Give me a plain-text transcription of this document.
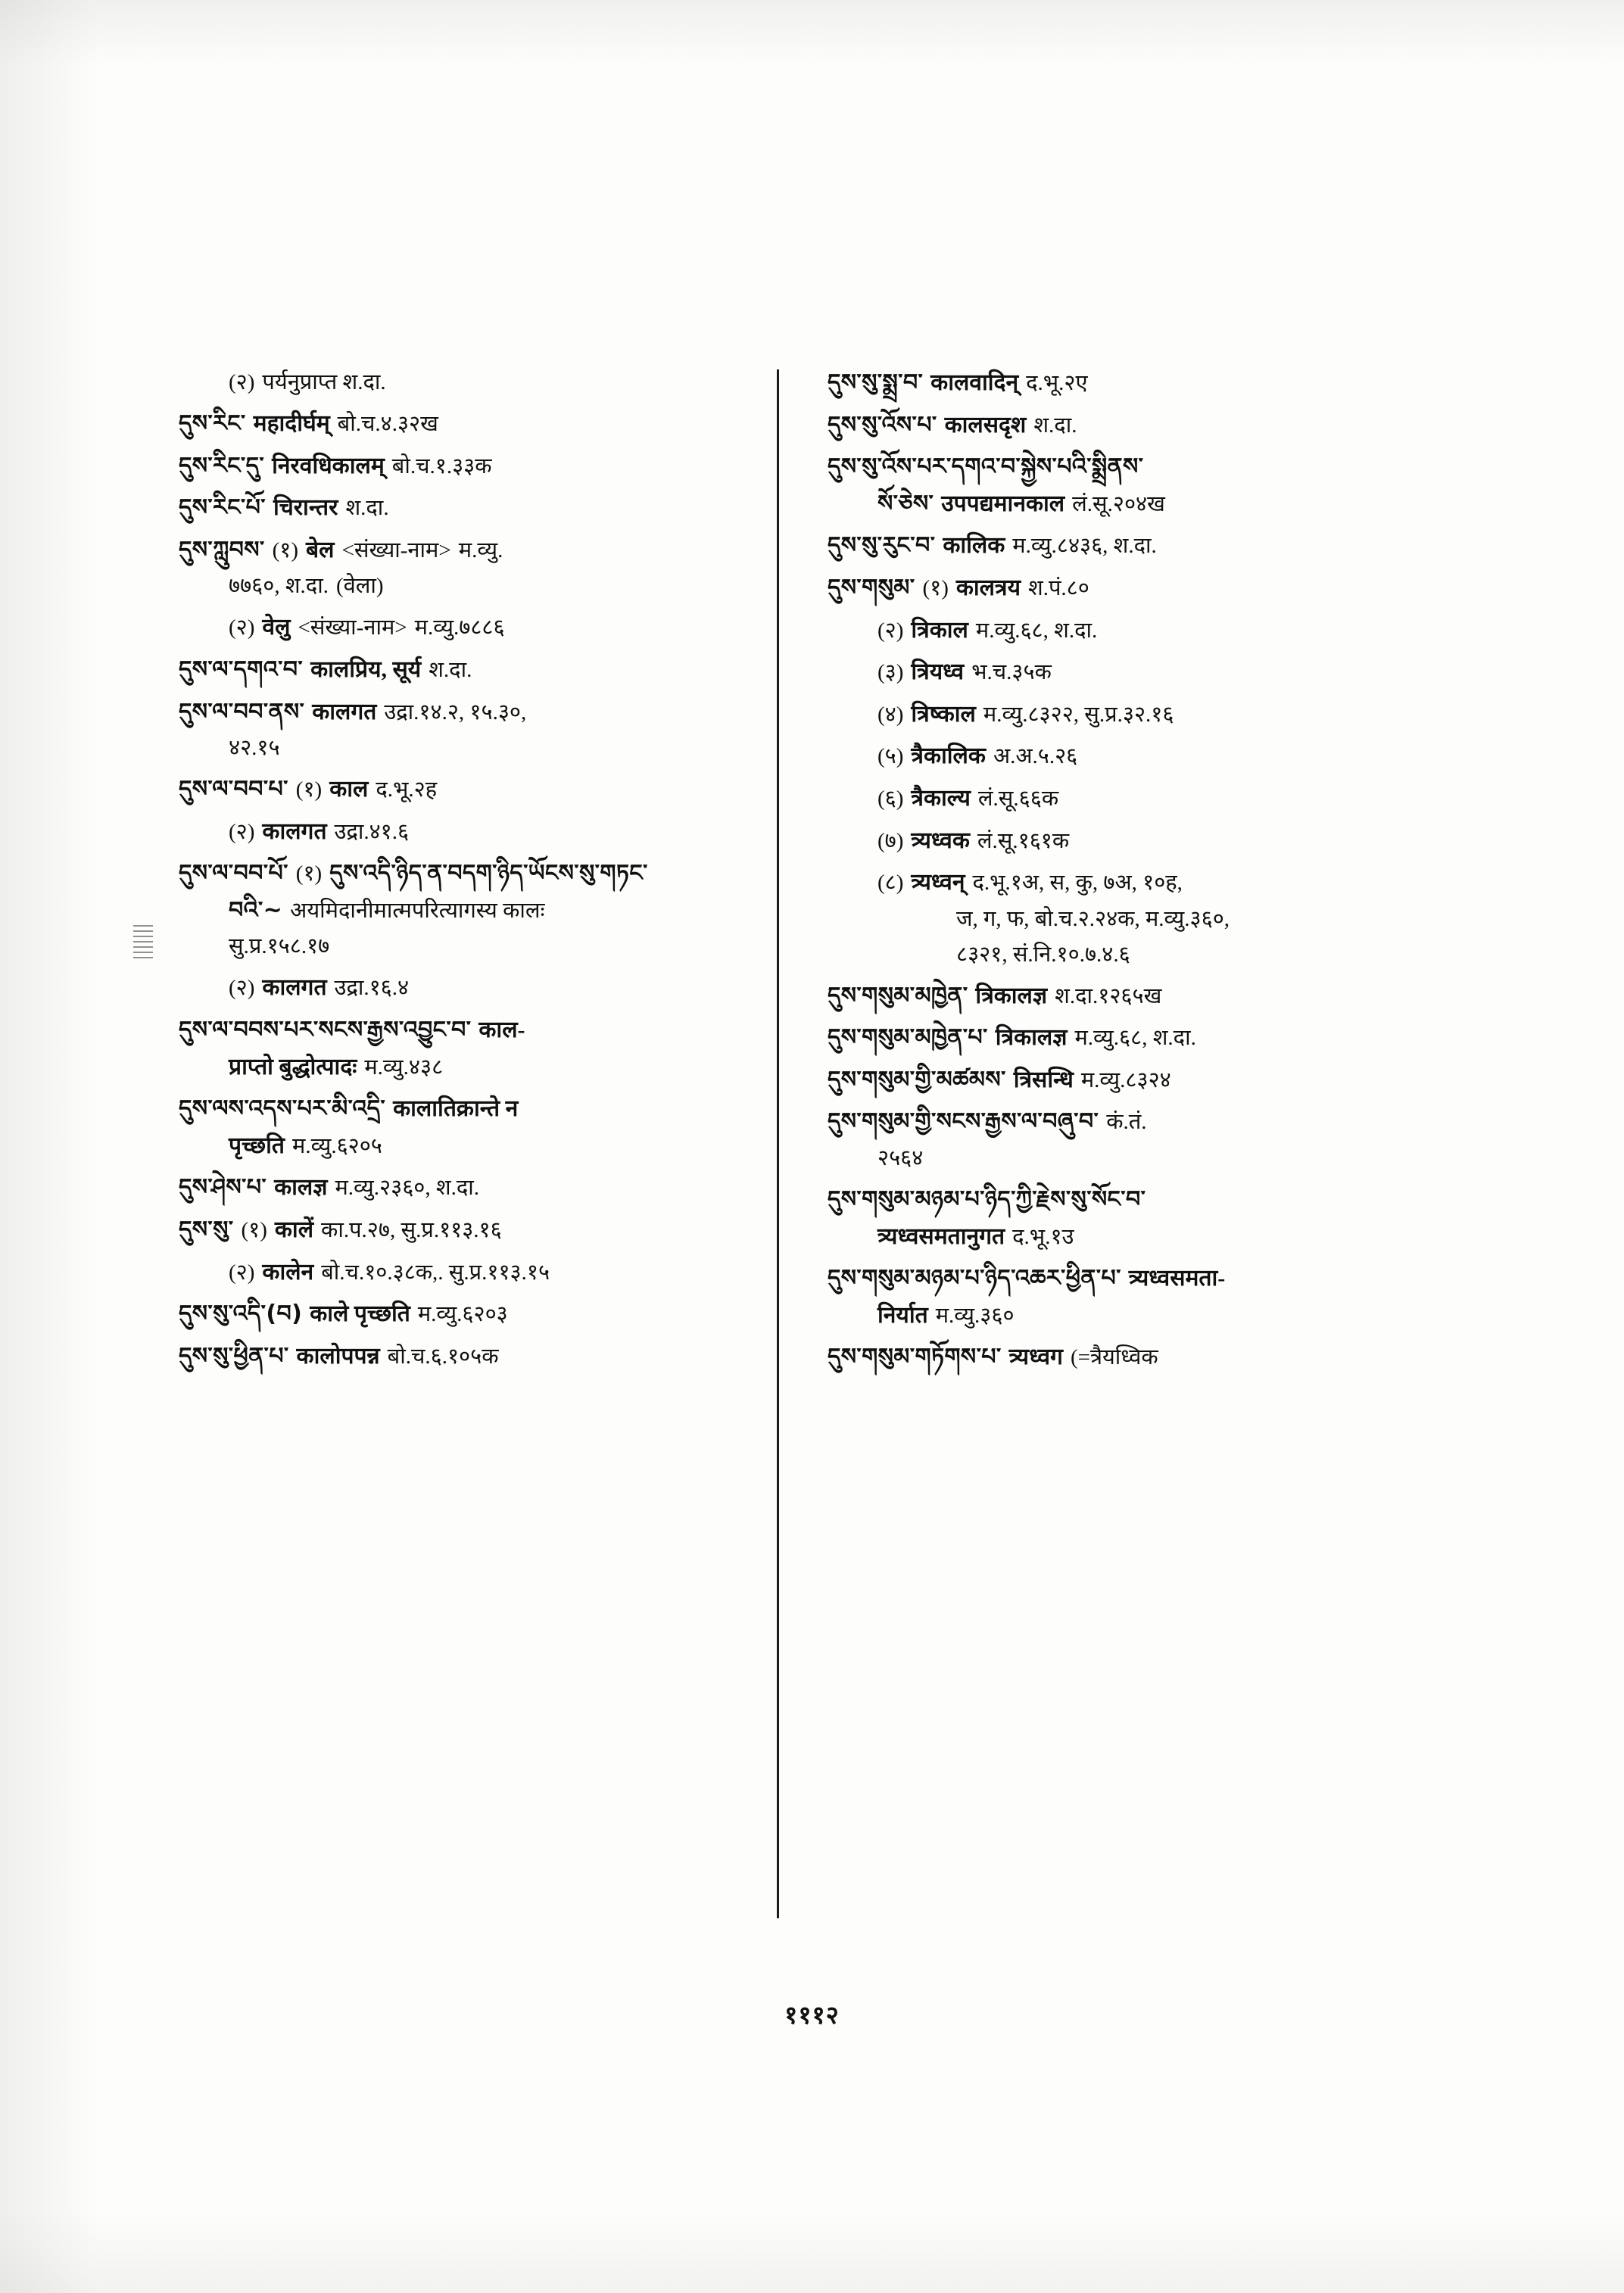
(२) पर्यनुप्राप्त श.दा.
དུས་རིང་ महादीर्घम् बो.च.४.३२ख
དུས་རིང་དུ་ निरवधिकालम् बो.च.१.३३क
དུས་རིང་པོ་ चिरान्तर श.दा.
དུས་ཀླུབས་ (१) बेल <संख्या-नाम> म.व्यु.
७७६०, श.दा. (वेला)
(२) वेलु <संख्या-नाम> म.व्यु.७८८६
དུས་ལ་དགའ་བ་ कालप्रिय, सूर्य श.दा.
དུས་ལ་བབ་ནས་ कालगत उद्रा.१४.२, १५.३०,
४२.१५
དུས་ལ་བབ་པ་ (१) काल द.भू.२ह
(२) कालगत उद्रा.४१.६
དུས་ལ་བབ་པོ་ (१) དུས་འདི་ཉིད་ན་བདག་ཉིད་ཡོངས་སུ་གཏང་
བའི་~ अयमिदानीमात्मपरित्यागस्य कालः
सु.प्र.१५८.१७
(२) कालगत उद्रा.१६.४
དུས་ལ་བབས་པར་སངས་རྒྱས་འབྱུང་བ་ काल-
प्राप्तो बुद्धोत्पादः म.व्यु.४३८
དུས་ལས་འདས་པར་མི་འདྲི་ कालातिक्रान्ते न
पृच्छति म.व्यु.६२०५
དུས་ཤེས་པ་ कालज्ञ म.व्यु.२३६०, श.दा.
དུས་སུ་ (१) कालें का.प.२७, सु.प्र.११३.१६
(२) कालेन बो.च.१०.३८क,. सु.प्र.११३.१५
དུས་སུ་འདི་(བ) काले पृच्छति म.व्यु.६२०३
དུས་སུ་ཕྱིན་པ་ कालोपपन्न बो.च.६.१०५क
དུས་སུ་སྨྲ་བ་ कालवादिन् द.भू.२ए
དུས་སུ་འོས་པ་ कालसदृश श.दा.
དུས་སུ་འོས་པར་དགའ་བ་སྐྱེས་པའི་སྨྲིནས་
སོ་ཅེས་ उपपद्यमानकाल लं.सू.२०४ख
དུས་སུ་རུང་བ་ कालिक म.व्यु.८४३६, श.दा.
དུས་གསུམ་ (१) कालत्रय श.पं.८०
(२) त्रिकाल म.व्यु.६८, श.दा.
(३) त्रियध्व भ.च.३५क
(४) त्रिष्काल म.व्यु.८३२२, सु.प्र.३२.१६
(५) त्रैकालिक अ.अ.५.२६
(६) त्रैकाल्य लं.सू.६६क
(७) त्र्यध्वक लं.सू.१६१क
(८) त्र्यध्वन् द.भू.१अ, स, कु, ७अ, १०ह,
ज, ग, फ, बो.च.२.२४क, म.व्यु.३६०,
८३२१, सं.नि.१०.७.४.६
དུས་གསུམ་མཁྱེན་ त्रिकालज्ञ श.दा.१२६५ख
དུས་གསུམ་མཁྱེན་པ་ त्रिकालज्ञ म.व्यु.६८, श.दा.
དུས་གསུམ་གྱི་མཚམས་ त्रिसन्धि म.व्यु.८३२४
དུས་གསུམ་གྱི་སངས་རྒྱས་ལ་བཞུ་བ་ कं.तं.
२५६४
དུས་གསུམ་མཉམ་པ་ཉིད་ཀྱི་རྗེས་སུ་སོང་བ་
त्र्यध्वसमतानुगत द.भू.१उ
དུས་གསུམ་མཉམ་པ་ཉིད་འཆར་ཕྱིན་པ་ त्र्यध्वसमता-
निर्यात म.व्यु.३६०
དུས་གསུམ་གཏོགས་པ་ त्र्यध्वग (=त्रैयध्विक
१११२
